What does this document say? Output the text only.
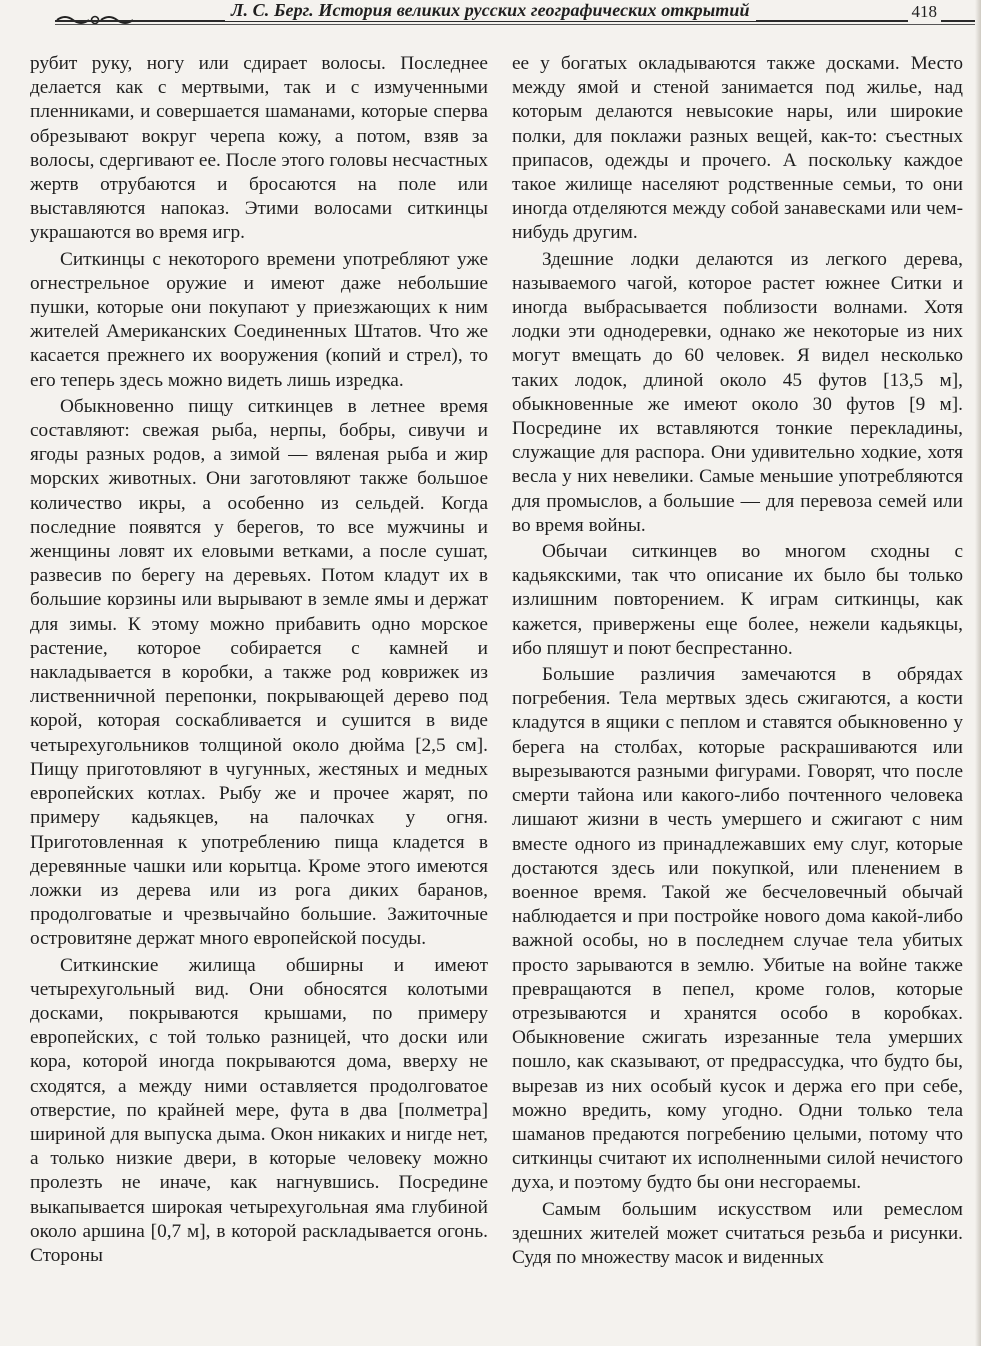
Л. С. Берг. История великих русских географических открытий	418

рубит руку, ногу или сдирает волосы. Последнее делается как с мертвыми, так и с измученными пленниками, и совершается шаманами, которые сперва обрезывают вокруг черепа кожу, а потом, взяв за волосы, сдергивают ее. После этого головы несчастных жертв отрубаются и бросаются на поле или выставляются напоказ. Этими волосами ситкинцы украшаются во время игр.

Ситкинцы с некоторого времени употребляют уже огнестрельное оружие и имеют даже небольшие пушки, которые они покупают у приезжающих к ним жителей Американских Соединенных Штатов. Что же касается прежнего их вооружения (копий и стрел), то его теперь здесь можно видеть лишь изредка.

Обыкновенно пищу ситкинцев в летнее время составляют: свежая рыба, нерпы, бобры, сивучи и ягоды разных родов, а зимой — вяленая рыба и жир морских животных. Они заготовляют также большое количество икры, а особенно из сельдей. Когда последние появятся у берегов, то все мужчины и женщины ловят их еловыми ветками, а после сушат, развесив по берегу на деревьях. Потом кладут их в большие корзины или вырывают в земле ямы и держат для зимы. К этому можно прибавить одно морское растение, которое собирается с камней и накладывается в коробки, а также род коврижек из лиственничной перепонки, покрывающей дерево под корой, которая соскабливается и сушится в виде четырехугольников толщиной около дюйма [2,5 см]. Пищу приготовляют в чугунных, жестяных и медных европейских котлах. Рыбу же и прочее жарят, по примеру кадьякцев, на палочках у огня. Приготовленная к употреблению пища кладется в деревянные чашки или корытца. Кроме этого имеются ложки из дерева или из рога диких баранов, продолговатые и чрезвычайно большие. Зажиточные островитяне держат много европейской посуды.

Ситкинские жилища обширны и имеют четырехугольный вид. Они обносятся колотыми досками, покрываются крышами, по примеру европейских, с той только разницей, что доски или кора, которой иногда покрываются дома, вверху не сходятся, а между ними оставляется продолговатое отверстие, по крайней мере, фута в два [полметра] шириной для выпуска дыма. Окон никаких и нигде нет, а только низкие двери, в которые человеку можно пролезть не иначе, как нагнувшись. Посредине выкапывается широкая четырехугольная яма глубиной около аршина [0,7 м], в которой раскладывается огонь. Стороны

ее у богатых окладываются также досками. Место между ямой и стеной занимается под жилье, над которым делаются невысокие нары, или широкие полки, для поклажи разных вещей, как-то: съестных припасов, одежды и прочего. А поскольку каждое такое жилище населяют родственные семьи, то они иногда отделяются между собой занавесками или чем-нибудь другим.

Здешние лодки делаются из легкого дерева, называемого чагой, которое растет южнее Ситки и иногда выбрасывается поблизости волнами. Хотя лодки эти однодеревки, однако же некоторые из них могут вмещать до 60 человек. Я видел несколько таких лодок, длиной около 45 футов [13,5 м], обыкновенные же имеют около 30 футов [9 м]. Посредине их вставляются тонкие перекладины, служащие для распора. Они удивительно ходкие, хотя весла у них невелики. Самые меньшие употребляются для промыслов, а большие — для перевоза семей или во время войны.

Обычаи ситкинцев во многом сходны с кадьякскими, так что описание их было бы только излишним повторением. К играм ситкинцы, как кажется, привержены еще более, нежели кадьякцы, ибо пляшут и поют беспрестанно.

Большие различия замечаются в обрядах погребения. Тела мертвых здесь сжигаются, а кости кладутся в ящики с пеплом и ставятся обыкновенно у берега на столбах, которые раскрашиваются или вырезываются разными фигурами. Говорят, что после смерти тайона или какого-либо почтенного человека лишают жизни в честь умершего и сжигают с ним вместе одного из принадлежавших ему слуг, которые достаются здесь или покупкой, или пленением в военное время. Такой же бесчеловечный обычай наблюдается и при постройке нового дома какой-либо важной особы, но в последнем случае тела убитых просто зарываются в землю. Убитые на войне также превращаются в пепел, кроме голов, которые отрезываются и хранятся особо в коробках. Обыкновение сжигать изрезанные тела умерших пошло, как сказывают, от предрассудка, что будто бы, вырезав из них особый кусок и держа его при себе, можно вредить, кому угодно. Одни только тела шаманов предаются погребению целыми, потому что ситкинцы считают их исполненными силой нечистого духа, и поэтому будто бы они несгораемы.

Самым большим искусством или ремеслом здешних жителей может считаться резьба и рисунки. Судя по множеству масок и виденных
